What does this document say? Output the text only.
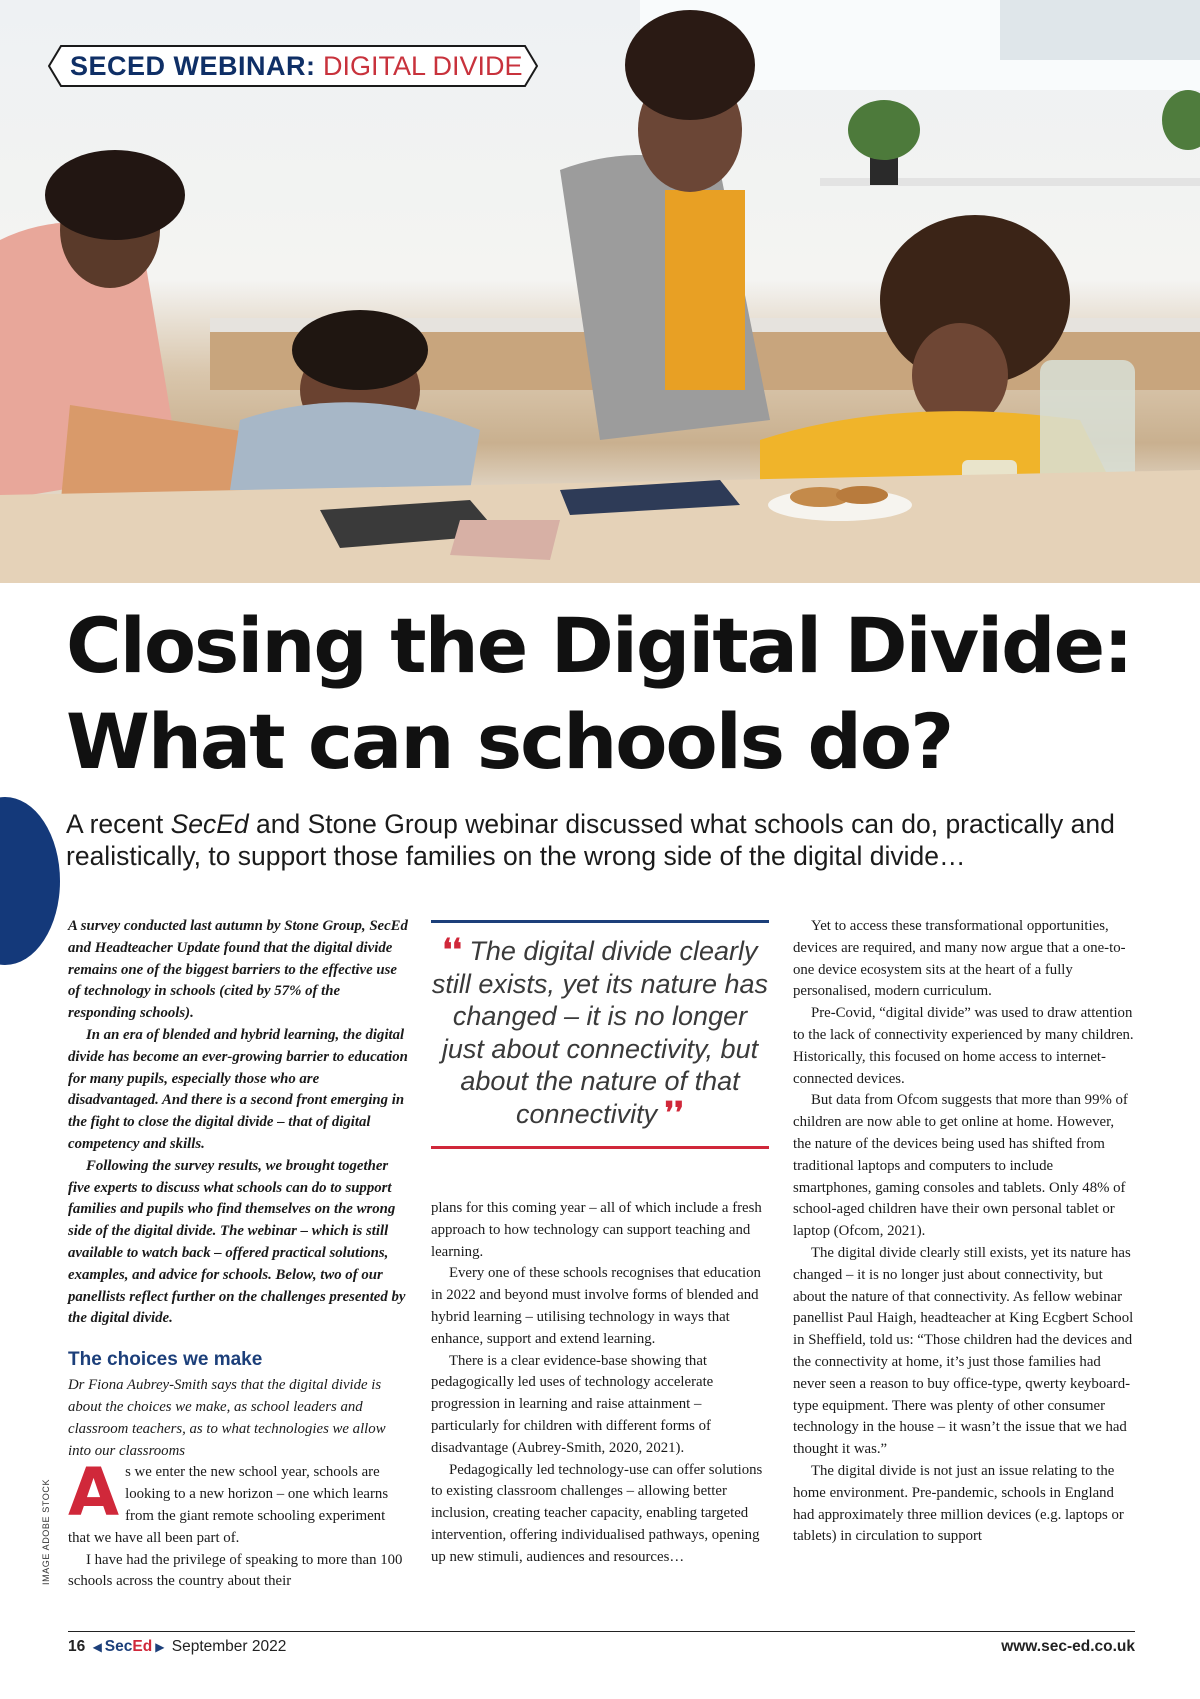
SECED WEBINAR: DIGITAL DIVIDE
Closing the Digital Divide:
What can schools do?

A recent SecEd and Stone Group webinar discussed what schools can do, practically and realistically, to support those families on the wrong side of the digital divide…

A survey conducted last autumn by Stone Group, SecEd and Headteacher Update found that the digital divide remains one of the biggest barriers to the effective use of technology in schools (cited by 57% of the responding schools).

In an era of blended and hybrid learning, the digital divide has become an ever-growing barrier to education for many pupils, especially those who are disadvantaged. And there is a second front emerging in the fight to close the digital divide – that of digital competency and skills.

Following the survey results, we brought together five experts to discuss what schools can do to support families and pupils who find themselves on the wrong side of the digital divide. The webinar – which is still available to watch back – offered practical solutions, examples, and advice for schools. Below, two of our panellists reflect further on the challenges presented by the digital divide.

The choices we make

Dr Fiona Aubrey-Smith says that the digital divide is about the choices we make, as school leaders and classroom teachers, as to what technologies we allow into our classrooms

As we enter the new school year, schools are looking to a new horizon – one which learns from the giant remote schooling experiment that we have all been part of.

I have had the privilege of speaking to more than 100 schools across the country about their

❛❛ The digital divide clearly still exists, yet its nature has changed – it is no longer just about connectivity, but about the nature of that connectivity ❜❜

plans for this coming year – all of which include a fresh approach to how technology can support teaching and learning.

Every one of these schools recognises that education in 2022 and beyond must involve forms of blended and hybrid learning – utilising technology in ways that enhance, support and extend learning.

There is a clear evidence-base showing that pedagogically led uses of technology accelerate progression in learning and raise attainment – particularly for children with different forms of disadvantage (Aubrey-Smith, 2020, 2021).

Pedagogically led technology-use can offer solutions to existing classroom challenges – allowing better inclusion, creating teacher capacity, enabling targeted intervention, offering individualised pathways, opening up new stimuli, audiences and resources…

Yet to access these transformational opportunities, devices are required, and many now argue that a one-to-one device ecosystem sits at the heart of a fully personalised, modern curriculum.

Pre-Covid, “digital divide” was used to draw attention to the lack of connectivity experienced by many children. Historically, this focused on home access to internet-connected devices.

But data from Ofcom suggests that more than 99% of children are now able to get online at home. However, the nature of the devices being used has shifted from traditional laptops and computers to include smartphones, gaming consoles and tablets. Only 48% of school-aged children have their own personal tablet or laptop (Ofcom, 2021).

The digital divide clearly still exists, yet its nature has changed – it is no longer just about connectivity, but about the nature of that connectivity. As fellow webinar panellist Paul Haigh, headteacher at King Ecgbert School in Sheffield, told us: “Those children had the devices and the connectivity at home, it’s just those families had never seen a reason to buy office-type, qwerty keyboard-type equipment. There was plenty of other consumer technology in the house – it wasn’t the issue that we had thought it was.”

The digital divide is not just an issue relating to the home environment. Pre-pandemic, schools in England had approximately three million devices (e.g. laptops or tablets) in circulation to support

IMAGE ADOBE STOCK
16 ◀ SecEd ▶ September 2022	www.sec-ed.co.uk
